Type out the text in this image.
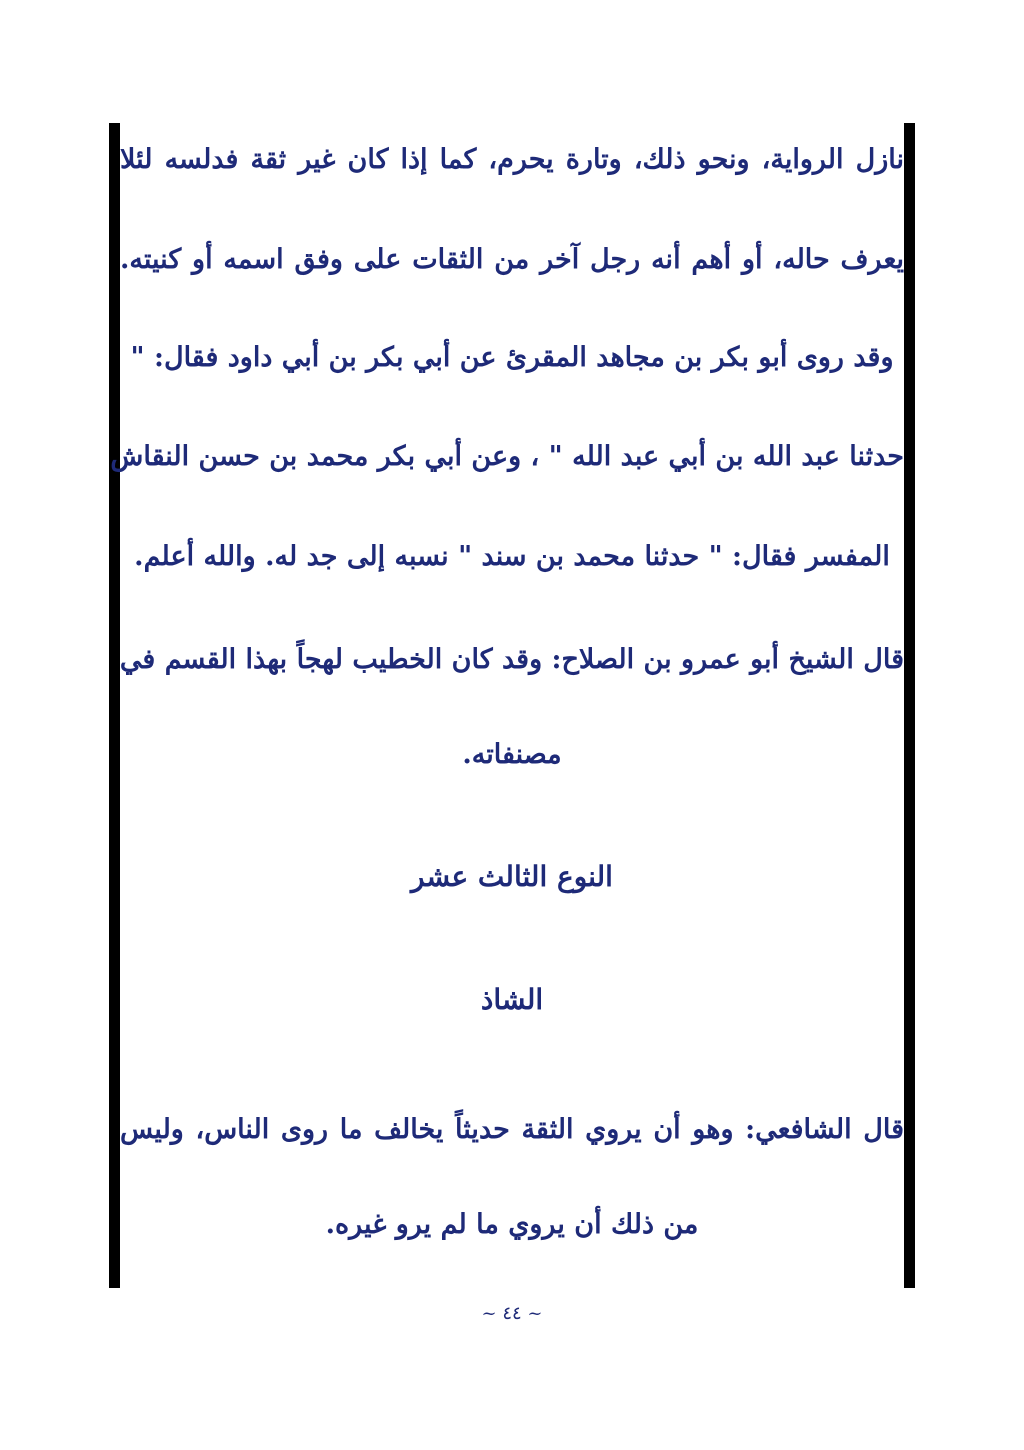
نازل الرواية، ونحو ذلك، وتارة يحرم، كما إذا كان غير ثقة فدلسه لئلا
يعرف حاله، أو أهم أنه رجل آخر من الثقات على وفق اسمه أو كنيته.
وقد روى أبو بكر بن مجاهد المقرئ عن أبي بكر بن أبي داود فقال: "
حدثنا عبد الله بن أبي عبد الله " ، وعن أبي بكر محمد بن حسن النقاش
المفسر فقال: " حدثنا محمد بن سند " نسبه إلى جد له. والله أعلم.
قال الشيخ أبو عمرو بن الصلاح: وقد كان الخطيب لهجاً بهذا القسم في
مصنفاته.
النوع الثالث عشر
الشاذ
قال الشافعي: وهو أن يروي الثقة حديثاً يخالف ما روى الناس، وليس
من ذلك أن يروي ما لم يرو غيره.
~ ٤٤ ~
